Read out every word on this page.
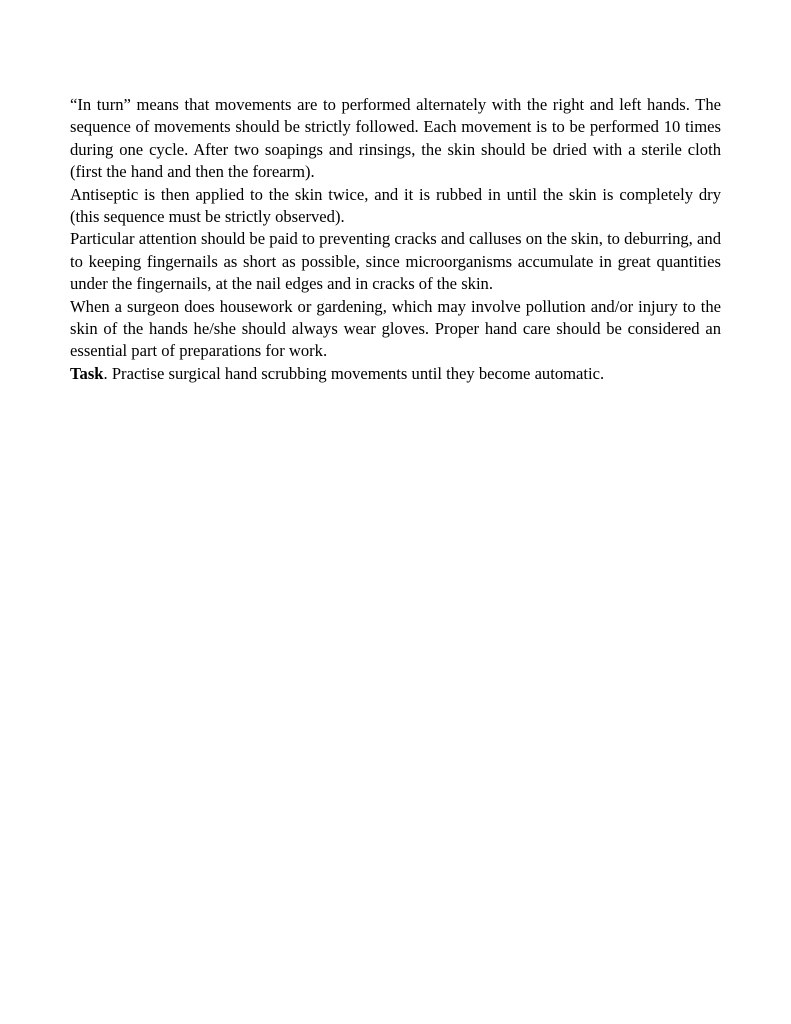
“In turn” means that movements are to performed alternately with the right and left hands. The sequence of movements should be strictly followed. Each movement is to be performed 10 times during one cycle. After two soapings and rinsings, the skin should be dried with a sterile cloth (first the hand and then the forearm).

Antiseptic is then applied to the skin twice, and it is rubbed in until the skin is completely dry (this sequence must be strictly observed).

Particular attention should be paid to preventing cracks and calluses on the skin, to deburring, and to keeping fingernails as short as possible, since microorganisms accumulate in great quantities under the fingernails, at the nail edges and in cracks of the skin.

When a surgeon does housework or gardening, which may involve pollution and/or injury to the skin of the hands he/she should always wear gloves. Proper hand care should be considered an essential part of preparations for work.

Task. Practise surgical hand scrubbing movements until they become automatic.
